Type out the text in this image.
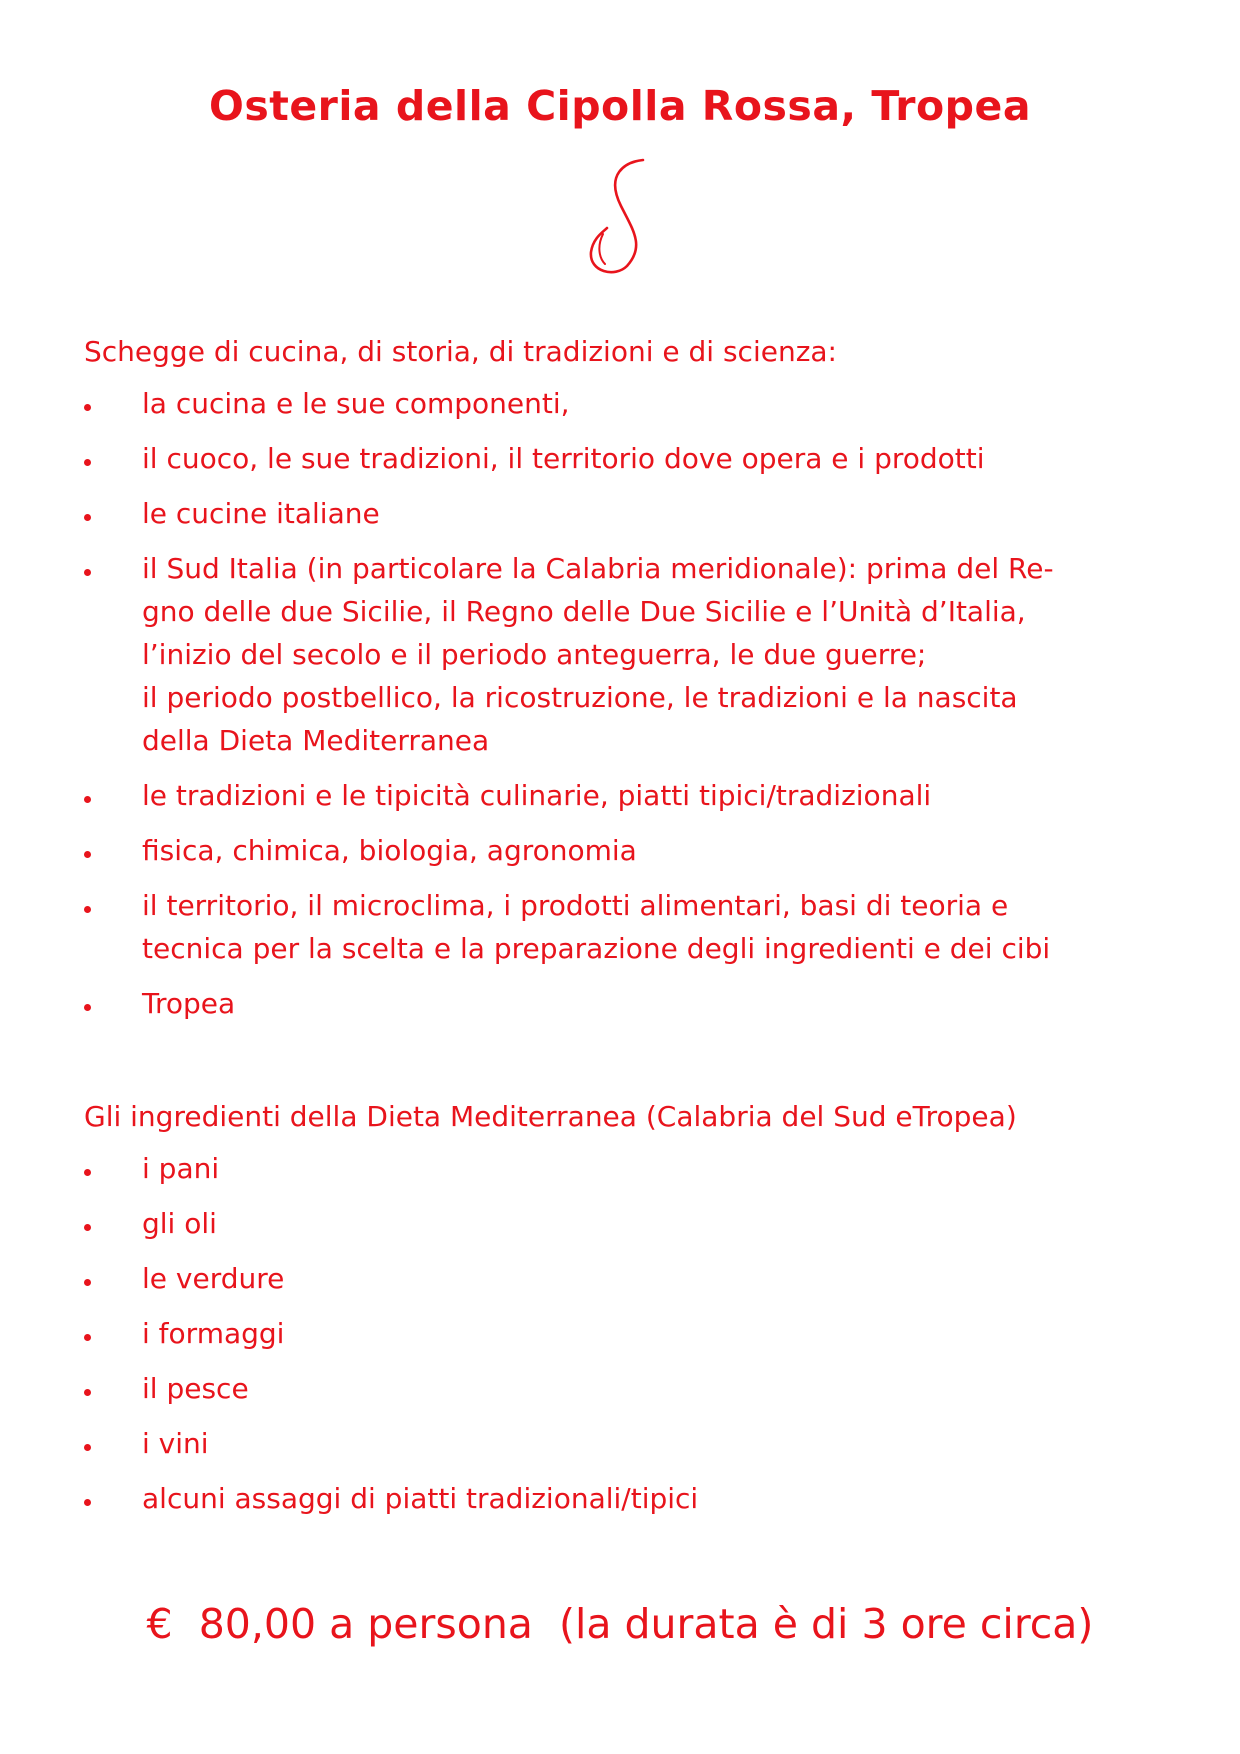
Osteria della Cipolla Rossa, Tropea
Schegge di cucina, di storia, di tradizioni e di scienza:
la cucina e le sue componenti,
il cuoco, le sue tradizioni, il territorio dove opera e i prodotti
le cucine italiane
il Sud Italia (in particolare la Calabria meridionale): prima del Re-
gno delle due Sicilie, il Regno delle Due Sicilie e l’Unità d’Italia,
l’inizio del secolo e il periodo anteguerra, le due guerre;
il periodo postbellico, la ricostruzione, le tradizioni e la nascita
della Dieta Mediterranea
le tradizioni e le tipicità culinarie, piatti tipici/tradizionali
fisica, chimica, biologia, agronomia
il territorio, il microclima, i prodotti alimentari, basi di teoria e
tecnica per la scelta e la preparazione degli ingredienti e dei cibi
Tropea
Gli ingredienti della Dieta Mediterranea (Calabria del Sud eTropea)
i pani
gli oli
le verdure
i formaggi
il pesce
i vini
alcuni assaggi di piatti tradizionali/tipici
€  80,00 a persona  (la durata è di 3 ore circa)
